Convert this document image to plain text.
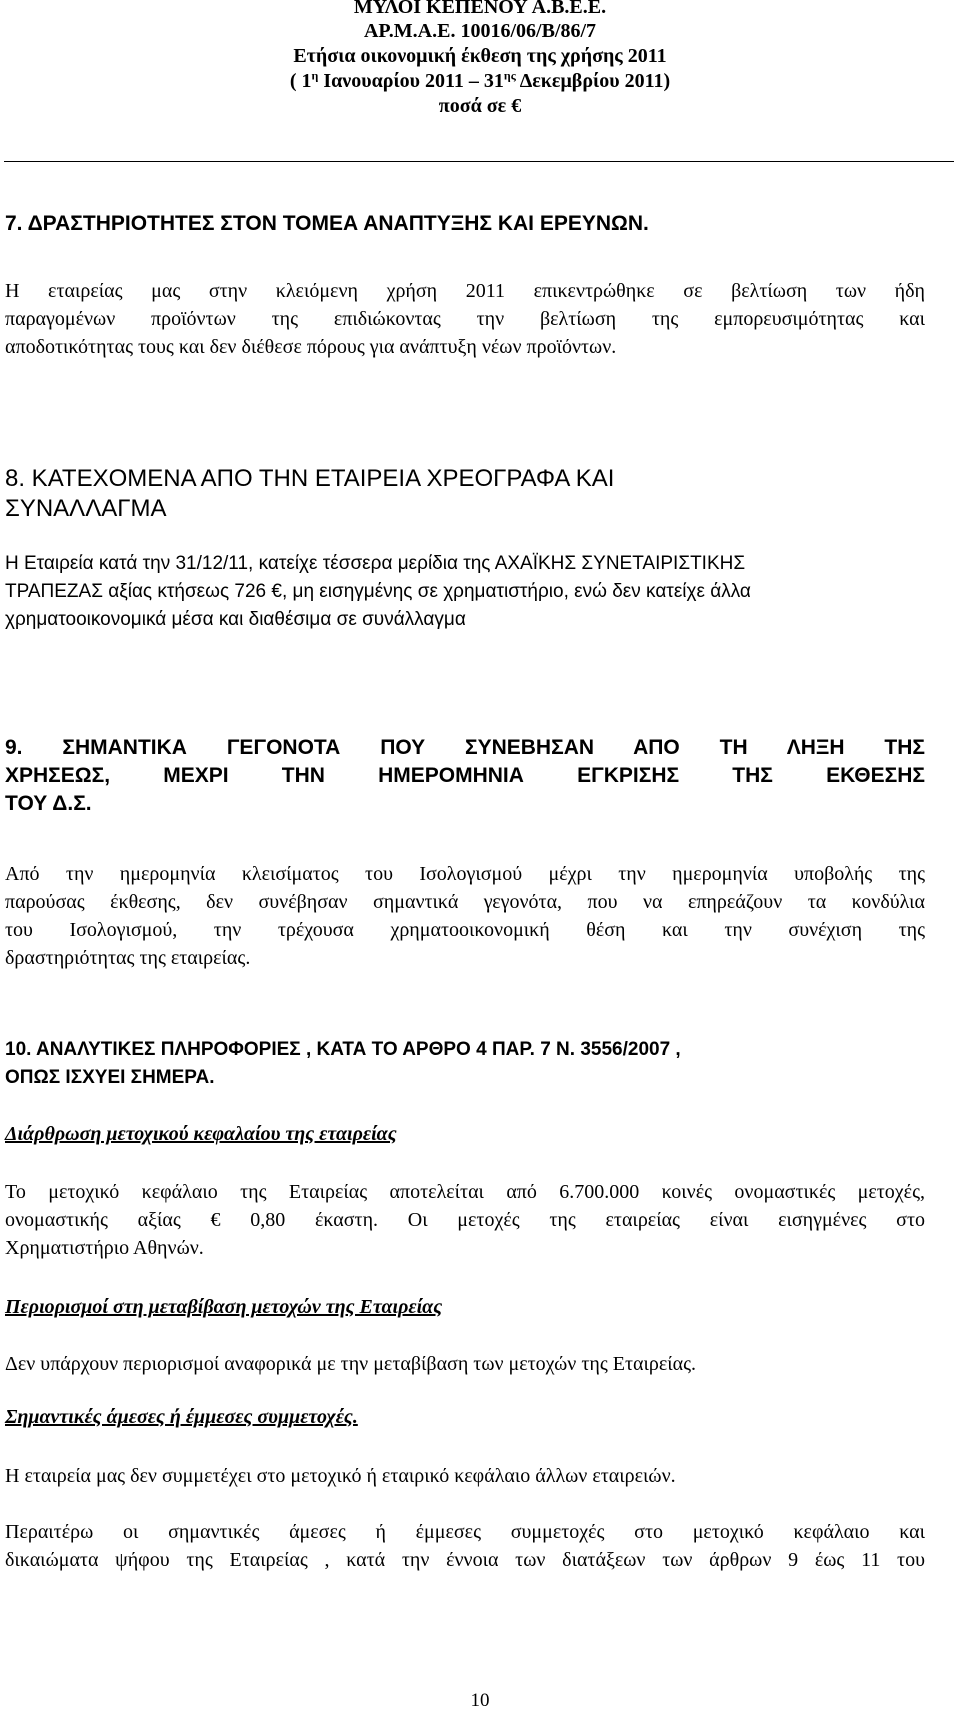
ΜΥΛΟΙ ΚΕΠΕΝΟΥ Α.Β.Ε.Ε.
ΑΡ.Μ.Α.Ε. 10016/06/Β/86/7
Ετήσια οικονομική έκθεση της χρήσης 2011
( $1^\eta$ Ιανουαρίου $2011 - 31^{\eta\varsigma}$ Δεκεμβρίου 2011)
ποσά σε €
7. ΔΡΑΣΤΗΡΙΟΤΗΤΕΣ ΣΤΟΝ ΤΟΜΕΑ ΑΝΑΠΤΥΞΗΣ ΚΑΙ ΕΡΕΥΝΩΝ.
Η εταιρείας μας στην κλειόμενη χρήση 2011 επικεντρώθηκε σε βελτίωση των ήδη
παραγομένων προϊόντων της επιδιώκοντας την βελτίωση της εμπορευσιμότητας και
αποδοτικότητας τους και δεν διέθεσε πόρους για ανάπτυξη νέων προϊόντων.
8. ΚΑΤΕΧΟΜΕΝΑ ΑΠΟ ΤΗΝ ΕΤΑΙΡΕΙΑ ΧΡΕΟΓΡΑΦΑ ΚΑΙ
ΣΥΝΑΛΛΑΓΜΑ
Η Εταιρεία κατά την 31/12/11, κατείχε τέσσερα μερίδια της ΑΧΑΪΚΗΣ ΣΥΝΕΤΑΙΡΙΣΤΙΚΗΣ
ΤΡΑΠΕΖΑΣ αξίας κτήσεως 726 €, μη εισηγμένης σε χρηματιστήριο, ενώ δεν κατείχε άλλα
χρηματοοικονομικά μέσα και διαθέσιμα σε συνάλλαγμα
9. ΣΗΜΑΝΤΙΚΑ ΓΕΓΟΝΟΤΑ ΠΟΥ ΣΥΝΕΒΗΣΑΝ ΑΠΟ ΤΗ ΛΗΞΗ ΤΗΣ
ΧΡΗΣΕΩΣ, ΜΕΧΡΙ ΤΗΝ ΗΜΕΡΟΜΗΝΙΑ ΕΓΚΡΙΣΗΣ ΤΗΣ ΕΚΘΕΣΗΣ
ΤΟΥ Δ.Σ.
Από την ημερομηνία κλεισίματος του Ισολογισμού μέχρι την ημερομηνία υποβολής της
παρούσας έκθεσης, δεν συνέβησαν σημαντικά γεγονότα, που να επηρεάζουν τα κονδύλια
του Ισολογισμού, την τρέχουσα χρηματοοικονομική θέση και την συνέχιση της
δραστηριότητας της εταιρείας.
10. ΑΝΑΛΥΤΙΚΕΣ ΠΛΗΡΟΦΟΡΙΕΣ , ΚΑΤΑ ΤΟ ΑΡΘΡΟ 4 ΠΑΡ. 7 Ν. 3556/2007 ,
ΟΠΩΣ ΙΣΧΥΕΙ ΣΗΜΕΡΑ.
Διάρθρωση μετοχικού κεφαλαίου της εταιρείας
Το μετοχικό κεφάλαιο της Εταιρείας αποτελείται από 6.700.000 κοινές ονομαστικές μετοχές,
ονομαστικής αξίας € 0,80 έκαστη. Οι μετοχές της εταιρείας είναι εισηγμένες στο
Χρηματιστήριο Αθηνών.
Περιορισμοί στη μεταβίβαση μετοχών της Εταιρείας
Δεν υπάρχουν περιορισμοί αναφορικά με την μεταβίβαση των μετοχών της Εταιρείας.
Σημαντικές άμεσες ή έμμεσες συμμετοχές.
Η εταιρεία μας δεν συμμετέχει στο μετοχικό ή εταιρικό κεφάλαιο άλλων εταιρειών.
Περαιτέρω οι σημαντικές άμεσες ή έμμεσες συμμετοχές στο μετοχικό κεφάλαιο και
δικαιώματα ψήφου της Εταιρείας , κατά την έννοια των διατάξεων των άρθρων 9 έως 11 του
10
